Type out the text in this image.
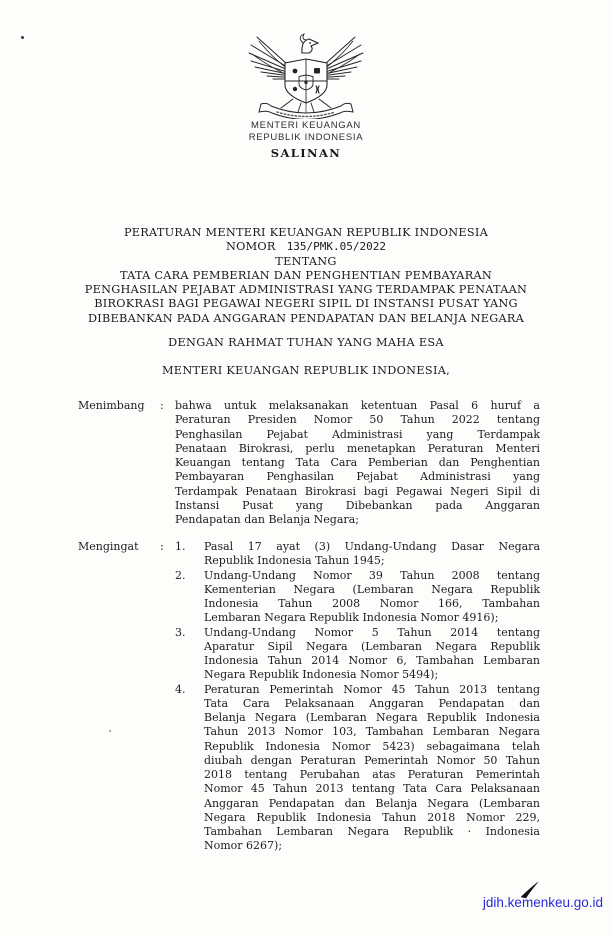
MENTERI KEUANGAN
REPUBLIK INDONESIA
SALINAN
PERATURAN MENTERI KEUANGAN REPUBLIK INDONESIA
NOMOR 135/PMK.05/2022
TENTANG
TATA CARA PEMBERIAN DAN PENGHENTIAN PEMBAYARAN
PENGHASILAN PEJABAT ADMINISTRASI YANG TERDAMPAK PENATAAN
BIROKRASI BAGI PEGAWAI NEGERI SIPIL DI INSTANSI PUSAT YANG
DIBEBANKAN PADA ANGGARAN PENDAPATAN DAN BELANJA NEGARA
DENGAN RAHMAT TUHAN YANG MAHA ESA
MENTERI KEUANGAN REPUBLIK INDONESIA,
Menimbang	:	bahwa untuk melaksanakan ketentuan Pasal 6 huruf a
Peraturan Presiden Nomor 50 Tahun 2022 tentang
Penghasilan Pejabat Administrasi yang Terdampak
Penataan Birokrasi, perlu menetapkan Peraturan Menteri
Keuangan tentang Tata Cara Pemberian dan Penghentian
Pembayaran Penghasilan Pejabat Administrasi yang
Terdampak Penataan Birokrasi bagi Pegawai Negeri Sipil di
Instansi Pusat yang Dibebankan pada Anggaran
Pendapatan dan Belanja Negara;
Mengingat	:	1.	Pasal 17 ayat (3) Undang-Undang Dasar Negara
Republik Indonesia Tahun 1945;
2.	Undang-Undang Nomor 39 Tahun 2008 tentang
Kementerian Negara (Lembaran Negara Republik
Indonesia Tahun 2008 Nomor 166, Tambahan
Lembaran Negara Republik Indonesia Nomor 4916);
3.	Undang-Undang Nomor 5 Tahun 2014 tentang
Aparatur Sipil Negara (Lembaran Negara Republik
Indonesia Tahun 2014 Nomor 6, Tambahan Lembaran
Negara Republik Indonesia Nomor 5494);
4.	Peraturan Pemerintah Nomor 45 Tahun 2013 tentang
Tata Cara Pelaksanaan Anggaran Pendapatan dan
Belanja Negara (Lembaran Negara Republik Indonesia
Tahun 2013 Nomor 103, Tambahan Lembaran Negara
Republik Indonesia Nomor 5423) sebagaimana telah
diubah dengan Peraturan Pemerintah Nomor 50 Tahun
2018 tentang Perubahan atas Peraturan Pemerintah
Nomor 45 Tahun 2013 tentang Tata Cara Pelaksanaan
Anggaran Pendapatan dan Belanja Negara (Lembaran
Negara Republik Indonesia Tahun 2018 Nomor 229,
Tambahan Lembaran Negara Republik · Indonesia
Nomor 6267);
jdih.kemenkeu.go.id
